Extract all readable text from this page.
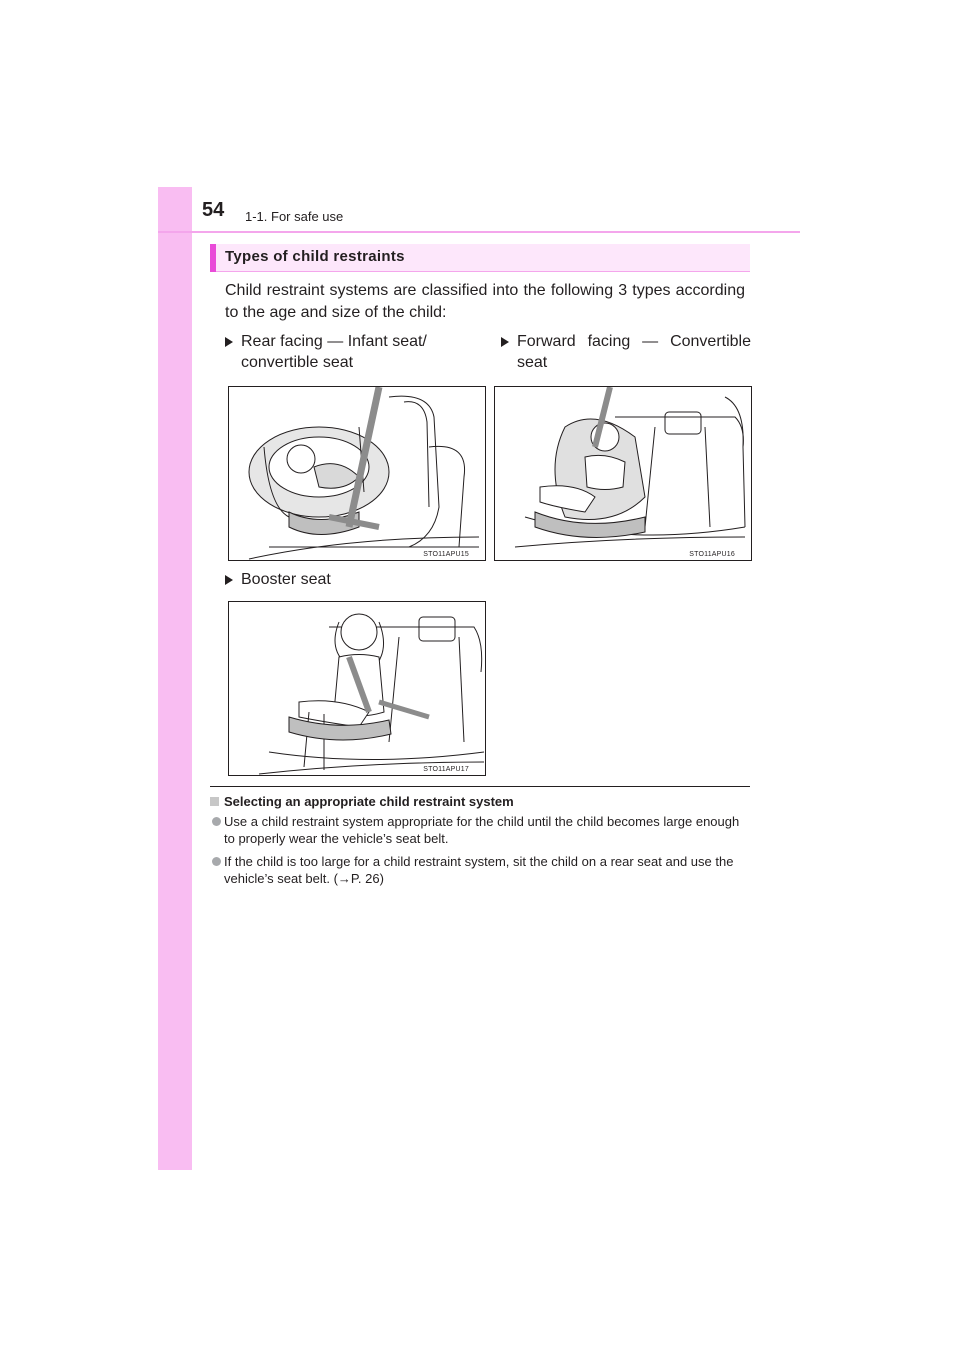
54 1-1. For safe use
Types of child restraints
Child restraint systems are classified into the following 3 types according to the age and size of the child:
Rear facing — Infant seat/
convertible seat
Forward facing — Convertible
seat
STO11APU15	STO11APU16
Booster seat
STO11APU17
Selecting an appropriate child restraint system
Use a child restraint system appropriate for the child until the child becomes large enough to properly wear the vehicle’s seat belt.
If the child is too large for a child restraint system, sit the child on a rear seat and use the vehicle’s seat belt. (→P. 26)
